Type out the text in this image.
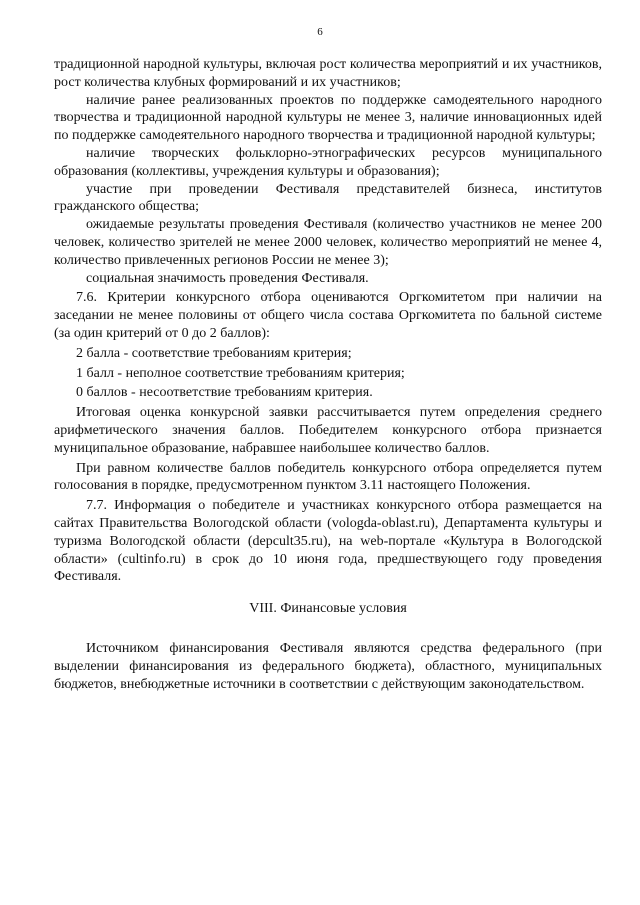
6

традиционной народной культуры, включая рост количества мероприятий и их участников, рост количества клубных формирований и их участников;

наличие ранее реализованных проектов по поддержке самодеятельного народного творчества и традиционной народной культуры не менее 3, наличие инновационных идей по поддержке самодеятельного народного творчества и традиционной народной культуры;

наличие творческих фольклорно-этнографических ресурсов муниципального образования (коллективы, учреждения культуры и образования);

участие при проведении Фестиваля представителей бизнеса, институтов гражданского общества;

ожидаемые результаты проведения Фестиваля (количество участников не менее 200 человек, количество зрителей не менее 2000 человек, количество мероприятий не менее 4, количество привлеченных регионов России не менее 3);

социальная значимость проведения Фестиваля.

7.6. Критерии конкурсного отбора оцениваются Оргкомитетом при наличии на заседании не менее половины от общего числа состава Оргкомитета по бальной системе (за один критерий от 0 до 2 баллов):

2 балла - соответствие требованиям критерия;

1 балл - неполное соответствие требованиям критерия;

0 баллов - несоответствие требованиям критерия.

Итоговая оценка конкурсной заявки рассчитывается путем определения среднего арифметического значения баллов. Победителем конкурсного отбора признается муниципальное образование, набравшее наибольшее количество баллов.

При равном количестве баллов победитель конкурсного отбора определяется путем голосования в порядке, предусмотренном пунктом 3.11 настоящего Положения.

7.7. Информация о победителе и участниках конкурсного отбора размещается на сайтах Правительства Вологодской области (vologda-oblast.ru), Департамента культуры и туризма Вологодской области (depcult35.ru), на web-портале «Культура в Вологодской области» (cultinfo.ru) в срок до 10 июня года, предшествующего году проведения Фестиваля.

VIII. Финансовые условия

Источником финансирования Фестиваля являются средства федерального (при выделении финансирования из федерального бюджета), областного, муниципальных бюджетов, внебюджетные источники в соответствии с действующим законодательством.
